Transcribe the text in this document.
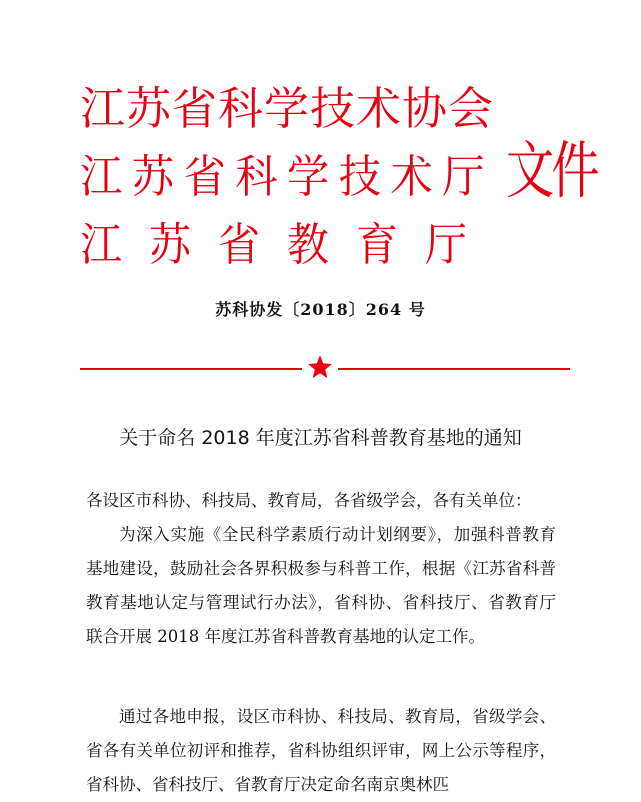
江苏省科学技术协会
江苏省科学技术厅
江苏省教育厅
文件
苏科协发〔2018〕264 号
关于命名 2018 年度江苏省科普教育基地的通知

各设区市科协、科技局、教育局，各省级学会，各有关单位：

为深入实施《全民科学素质行动计划纲要》，加强科普教育基地建设，鼓励社会各界积极参与科普工作，根据《江苏省科普教育基地认定与管理试行办法》，省科协、省科技厅、省教育厅联合开展 2018 年度江苏省科普教育基地的认定工作。

通过各地申报，设区市科协、科技局、教育局，省级学会、省各有关单位初评和推荐，省科协组织评审，网上公示等程序，省科协、省科技厅、省教育厅决定命名南京奥林匹
